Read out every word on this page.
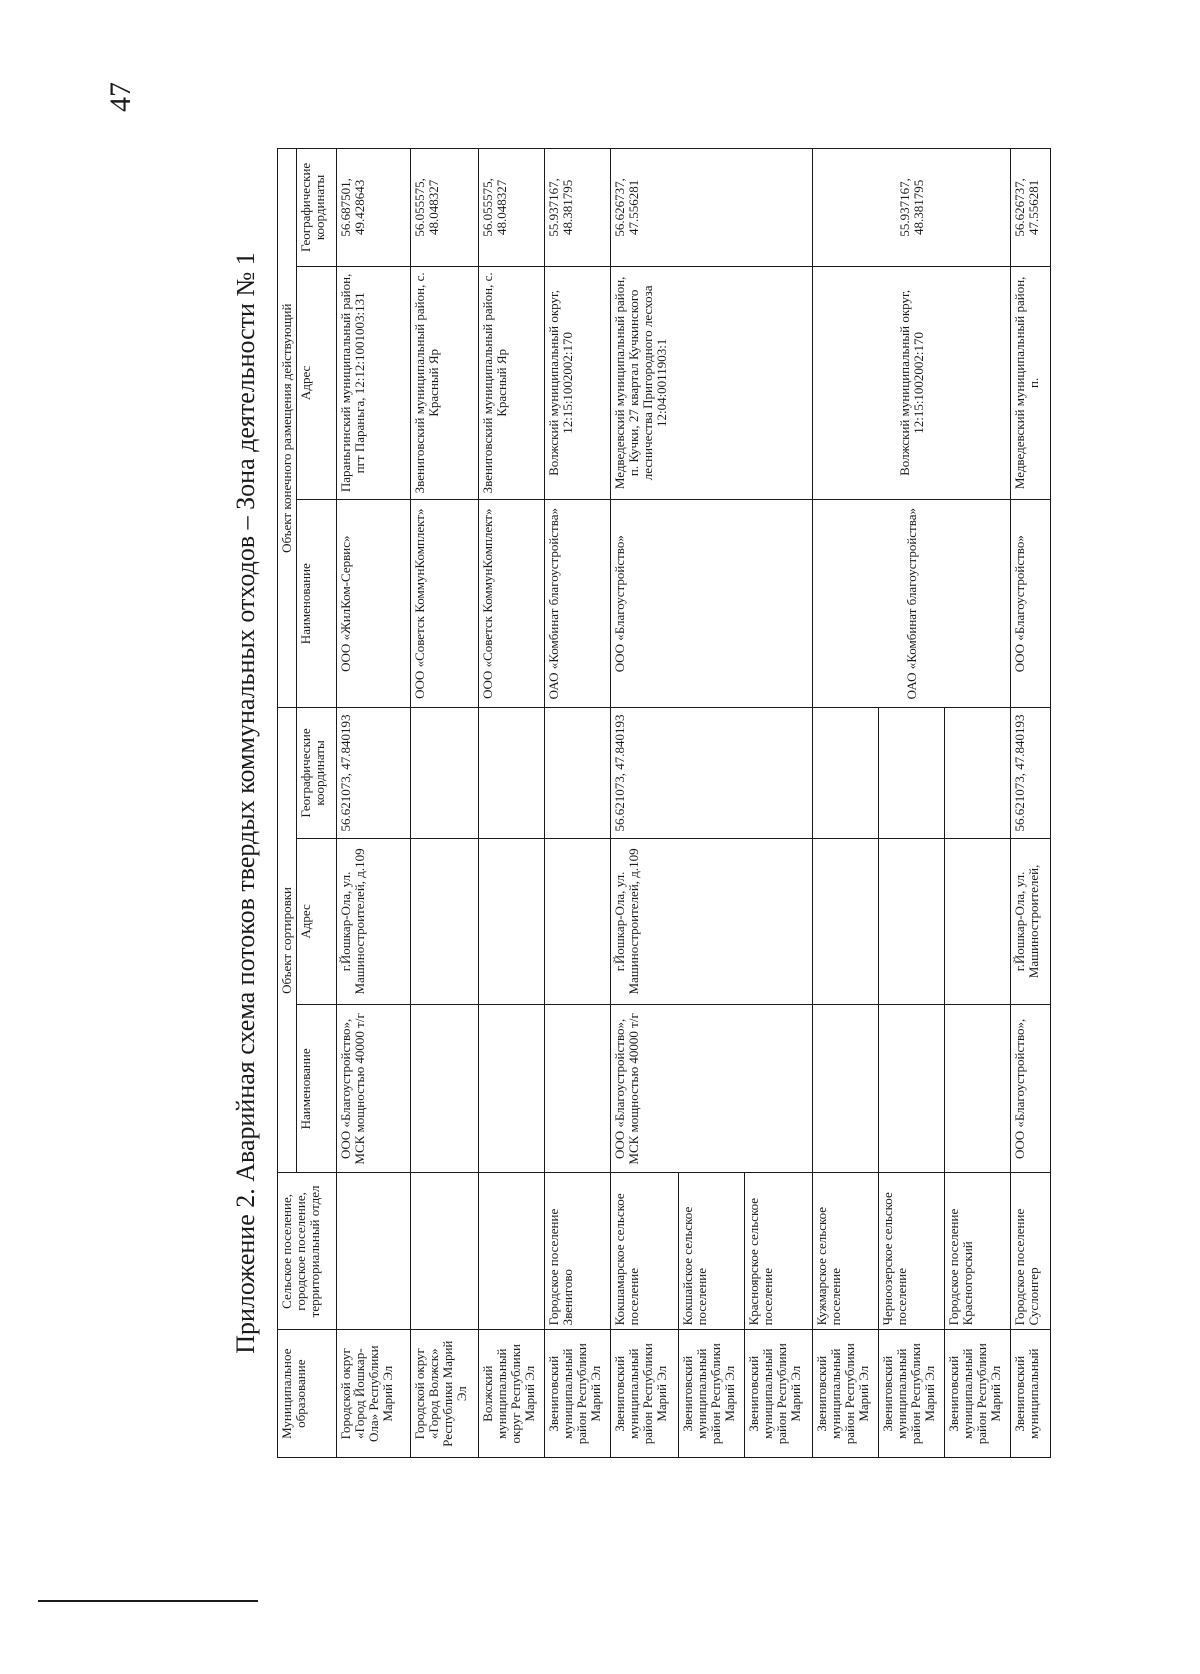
47
Приложение 2. Аварийная схема потоков твердых коммунальных отходов – Зона деятельности № 1
Муниципальное образование	Сельское поселение, городское поселение, территориальный отдел	Объект сортировки			Объект конечного размещения действующий		
		Наименование	Адрес	Географические координаты	Наименование	Адрес	Географические координаты
Городской округ «Город Йошкар-Ола» Республики Марий Эл		ООО «Благоустройство», МСК мощностью 40000 т/г	г.Йошкар-Ола, ул. Машиностроителей, д.109	56.621073, 47.840193	ООО «ЖилКом-Сервис»	Параньгинский муниципальный район, пгт Параньга, 12:12:1001003:131	56.687501, 49.428643
Городской округ «Город Волжск» Республики Марий Эл					ООО «Советск КоммунКомплект»	Звениговский муниципальный район, с. Красный Яр	56.055575, 48.048327
Волжский муниципальный округ Республики Марий Эл					ООО «Советск КоммунКомплект»	Звениговский муниципальный район, с. Красный Яр	56.055575, 48.048327
Звениговский муниципальный район Республики Марий Эл	Городское поселение Звенигово				ОАО «Комбинат благоустройства»	Волжский муниципальный округ, 12:15:1002002:170	55.937167, 48.381795
Звениговский муниципальный район Республики Марий Эл	Кокшамарское сельское поселение	ООО «Благоустройство», МСК мощностью 40000 т/г	г.Йошкар-Ола, ул. Машиностроителей, д.109	56.621073, 47.840193	ООО «Благоустройство»	Медведевский муниципальный район, п. Кучки, 27 квартал Кучкинского лесничества Пригородного лесхоза 12:04:0011903:1	56.626737, 47.556281
Звениговский муниципальный район Республики Марий Эл	Кокшайское сельское поселение						
Звениговский муниципальный район Республики Марий Эл	Красноярское сельское поселение						
Звениговский муниципальный район Республики Марий Эл	Кужмарское сельское поселение				ОАО «Комбинат благоустройства»	Волжский муниципальный округ, 12:15:1002002:170	55.937167, 48.381795
Звениговский муниципальный район Республики Марий Эл	Черноозерское сельское поселение						
Звениговский муниципальный район Республики Марий Эл	Городское поселение Красногорский						
Звениговский муниципальный	Городское поселение Суслонгер	ООО «Благоустройство»,	г.Йошкар-Ола, ул. Машиностроителей,	56.621073, 47.840193	ООО «Благоустройство»	Медведевский муниципальный район, п.	56.626737, 47.556281
